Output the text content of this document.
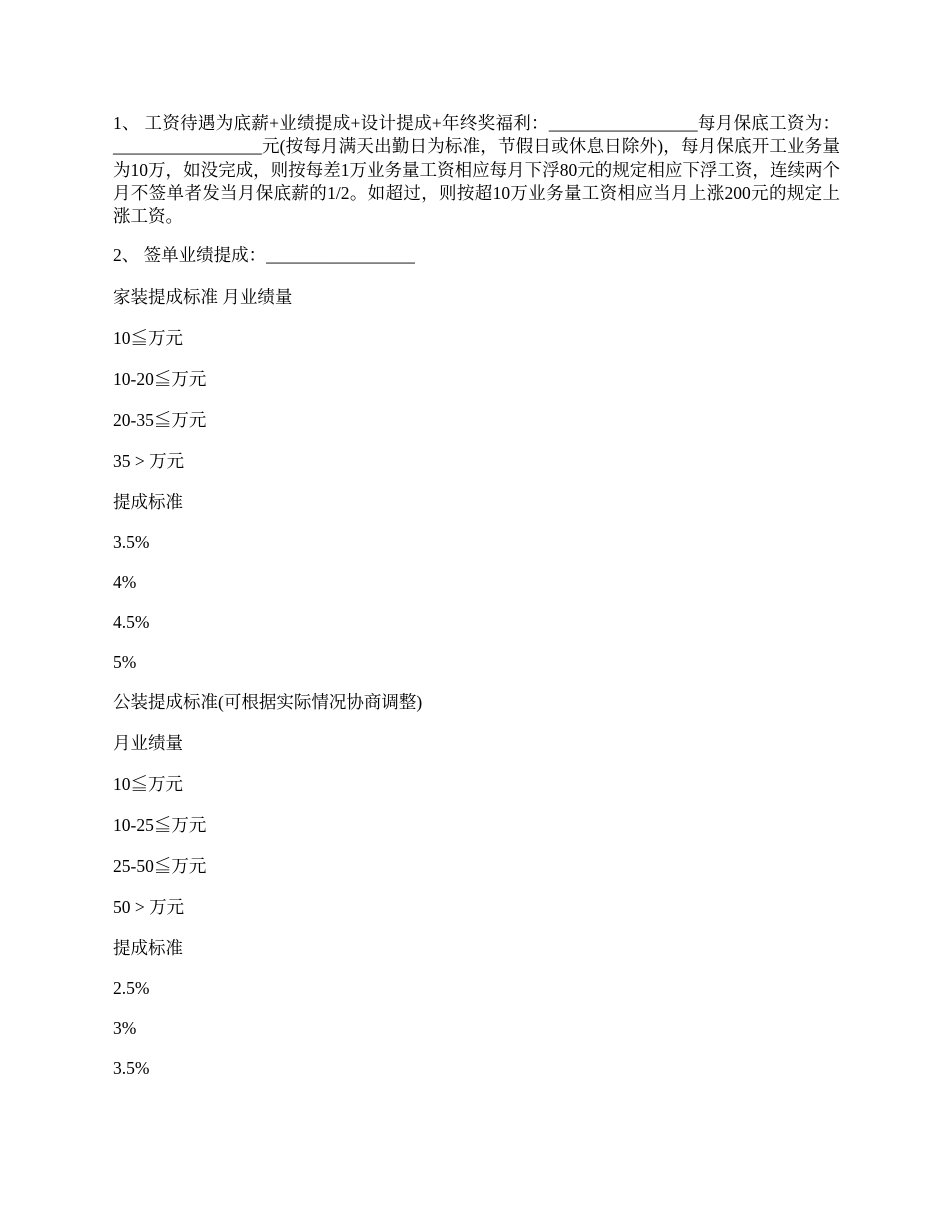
1、 工资待遇为底薪+业绩提成+设计提成+年终奖福利：_________________每月保底工资为：_________________元(按每月满天出勤日为标准，节假日或休息日除外)，每月保底开工业务量为10万，如没完成，则按每差1万业务量工资相应每月下浮80元的规定相应下浮工资，连续两个月不签单者发当月保底薪的1/2。如超过，则按超10万业务量工资相应当月上涨200元的规定上涨工资。

2、 签单业绩提成：_________________

家装提成标准 月业绩量

10≦万元

10-20≦万元

20-35≦万元

35 > 万元

提成标准

3.5%

4%

4.5%

5%

公装提成标准(可根据实际情况协商调整)

月业绩量

10≦万元

10-25≦万元

25-50≦万元

50 > 万元

提成标准

2.5%

3%

3.5%
